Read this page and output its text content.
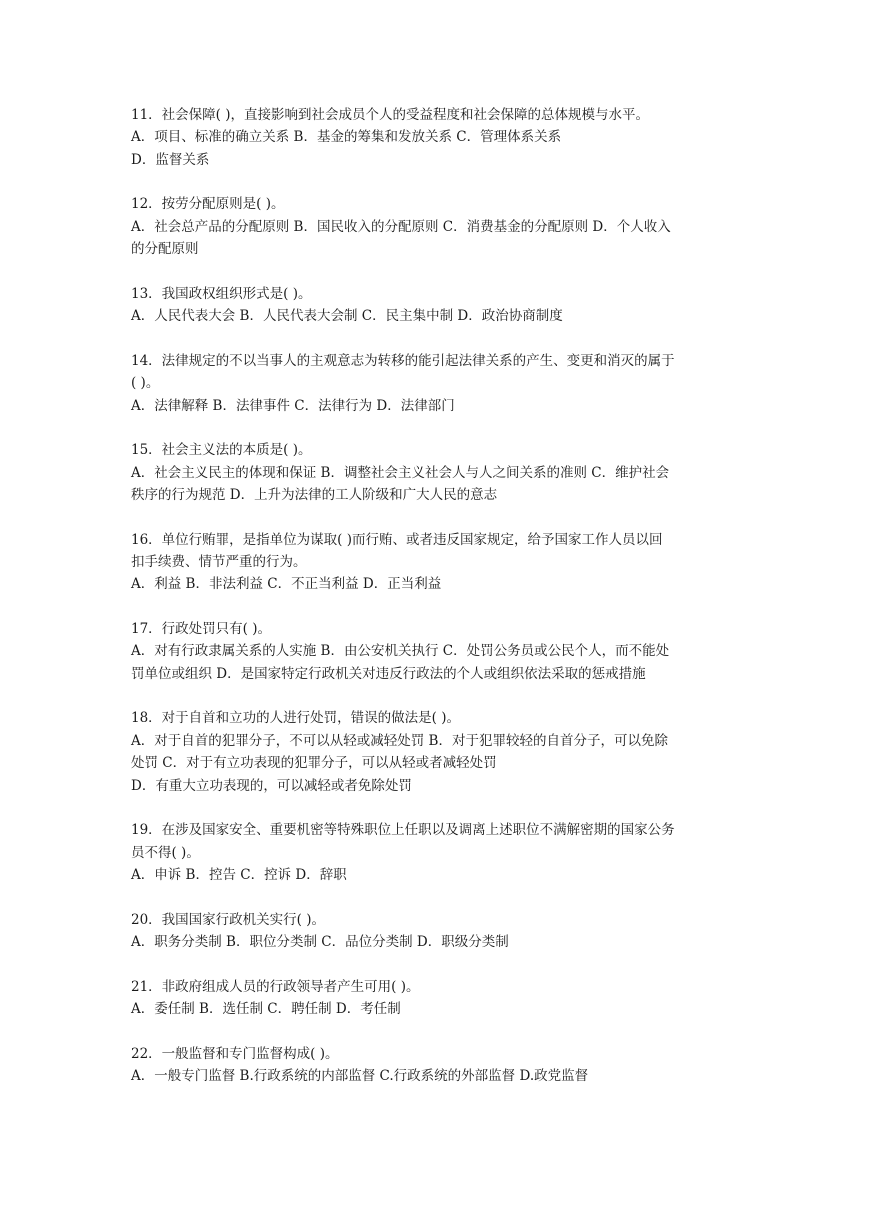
11．社会保障( )，直接影响到社会成员个人的受益程度和社会保障的总体规模与水平。
A．项目、标准的确立关系 B．基金的筹集和发放关系 C．管理体系关系
D．监督关系
12．按劳分配原则是( )。
A．社会总产品的分配原则 B．国民收入的分配原则 C．消费基金的分配原则 D．个人收入
的分配原则
13．我国政权组织形式是( )。
A．人民代表大会 B．人民代表大会制 C．民主集中制 D．政治协商制度
14．法律规定的不以当事人的主观意志为转移的能引起法律关系的产生、变更和消灭的属于
( )。
A．法律解释 B．法律事件 C．法律行为 D．法律部门
15．社会主义法的本质是( )。
A．社会主义民主的体现和保证 B．调整社会主义社会人与人之间关系的准则 C．维护社会
秩序的行为规范 D．上升为法律的工人阶级和广大人民的意志
16．单位行贿罪，是指单位为谋取( )而行贿、或者违反国家规定，给予国家工作人员以回
扣手续费、情节严重的行为。
A．利益 B．非法利益 C．不正当利益 D．正当利益
17．行政处罚只有( )。
A．对有行政隶属关系的人实施 B．由公安机关执行 C．处罚公务员或公民个人，而不能处
罚单位或组织 D．是国家特定行政机关对违反行政法的个人或组织依法采取的惩戒措施
18．对于自首和立功的人进行处罚，错误的做法是( )。
A．对于自首的犯罪分子，不可以从轻或减轻处罚 B．对于犯罪较轻的自首分子，可以免除
处罚 C．对于有立功表现的犯罪分子，可以从轻或者减轻处罚
D．有重大立功表现的，可以减轻或者免除处罚
19．在涉及国家安全、重要机密等特殊职位上任职以及调离上述职位不满解密期的国家公务
员不得( )。
A．申诉 B．控告 C．控诉 D．辞职
20．我国国家行政机关实行( )。
A．职务分类制 B．职位分类制 C．品位分类制 D．职级分类制
21．非政府组成人员的行政领导者产生可用( )。
A．委任制 B．选任制 C．聘任制 D．考任制
22．一般监督和专门监督构成( )。
A．一般专门监督 B.行政系统的内部监督 C.行政系统的外部监督 D.政党监督
